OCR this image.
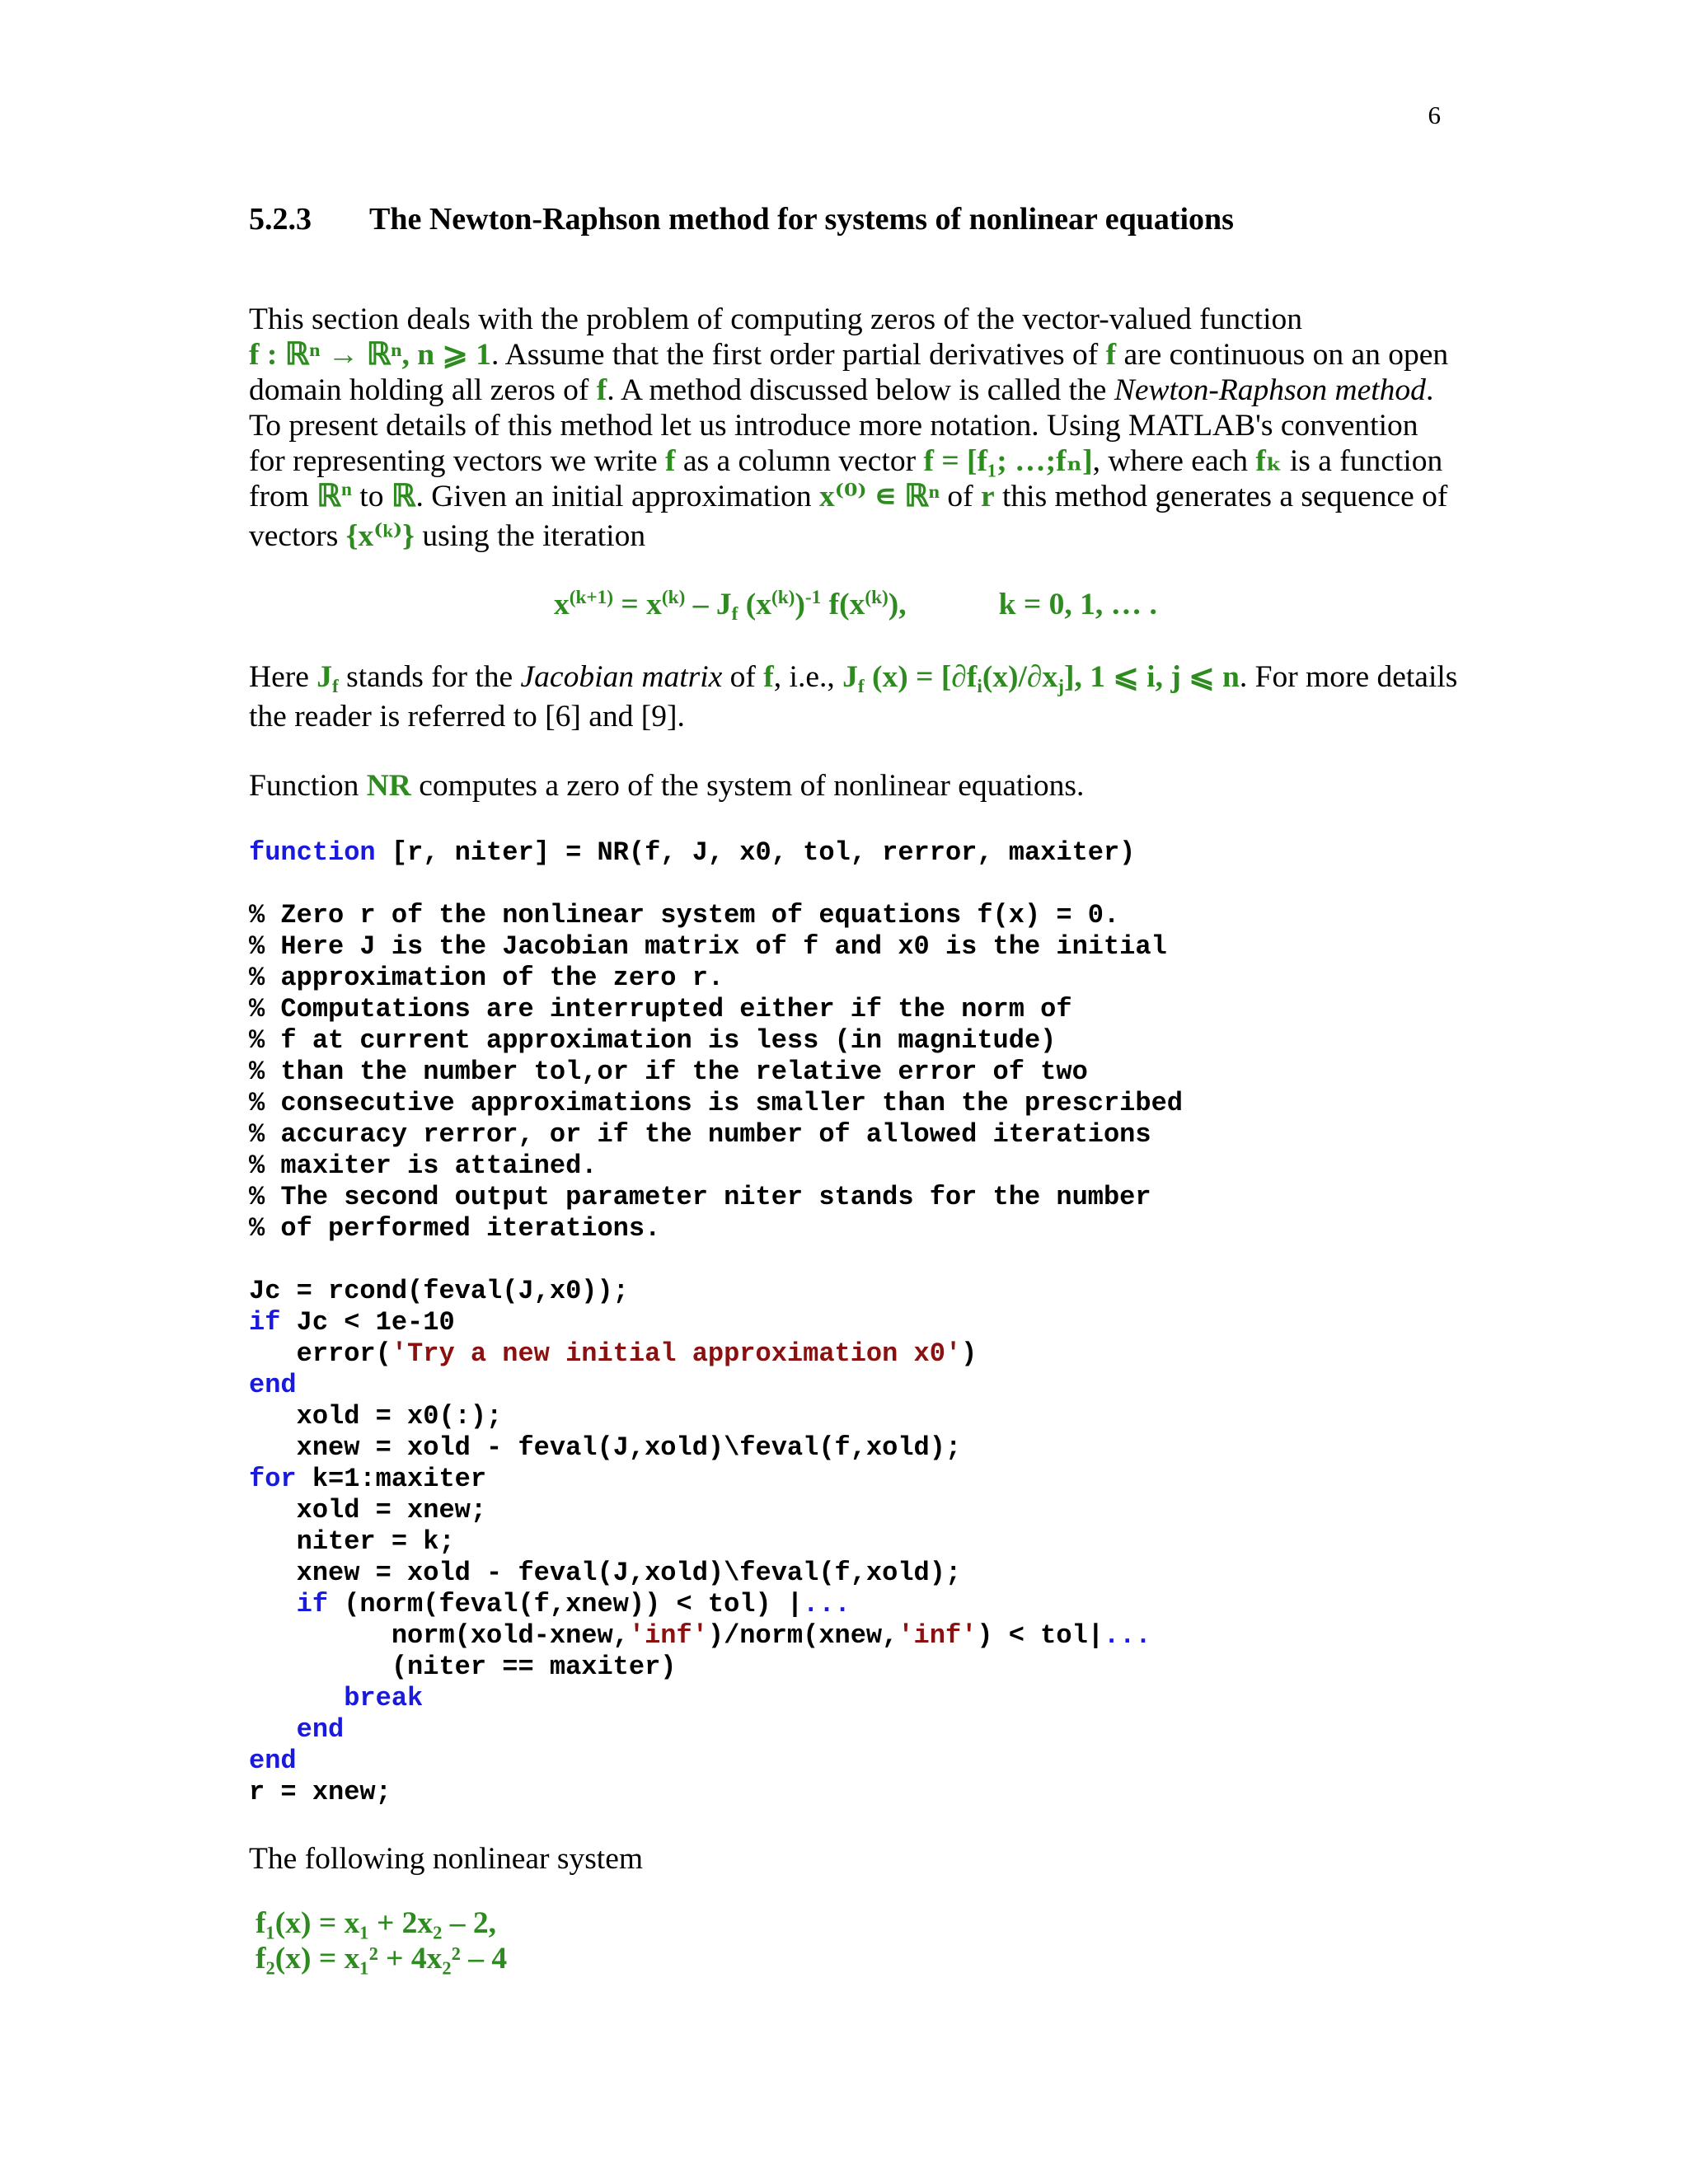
6
5.2.3 The Newton-Raphson method for systems of nonlinear equations
This section deals with the problem of computing zeros of the vector-valued function
f : ℝⁿ → ℝⁿ, n ⩾ 1. Assume that the first order partial derivatives of f are continuous on an open
domain holding all zeros of f. A method discussed below is called the Newton-Raphson method.
To present details of this method let us introduce more notation. Using MATLAB's convention
for representing vectors we write f as a column vector f = [f₁; …;fₙ], where each fₖ is a function
from ℝ$^n$ to ℝ. Given an initial approximation x⁽⁰⁾ ∊ ℝⁿ of r this method generates a sequence of
vectors {x⁽ᵏ⁾} using the iteration
$x^{(k+1)} = x^{(k)} - J_f$ $(x^{(k)})^{-1}$ $f(x^{(k)})$,	k = 0, 1, … .
Here $J_f$ stands for the Jacobian matrix of f, i.e., $J_f$ $(x) = [\partial f_i(x)/\partial x_j]$, 1 ⩽ i, j ⩽ n. For more details
the reader is referred to [6] and [9].
Function NR computes a zero of the system of nonlinear equations.
function [r, niter] = NR(f, J, x0, tol, rerror, maxiter)
% Zero r of the nonlinear system of equations f(x) = 0.
% Here J is the Jacobian matrix of f and x0 is the initial
% approximation of the zero r.
% Computations are interrupted either if the norm of
% f at current approximation is less (in magnitude)
% than the number tol,or if the relative error of two
% consecutive approximations is smaller than the prescribed
% accuracy rerror, or if the number of allowed iterations
% maxiter is attained.
% The second output parameter niter stands for the number
% of performed iterations.
Jc = rcond(feval(J,x0));
if Jc < 1e-10
error('Try a new initial approximation x0')
end
xold = x0(:);
xnew = xold - feval(J,xold)\feval(f,xold);
for k=1:maxiter
xold = xnew;
niter = k;
xnew = xold - feval(J,xold)\feval(f,xold);
if (norm(feval(f,xnew)) < tol) |...
norm(xold-xnew,'inf')/norm(xnew,'inf') < tol|...
(niter == maxiter)
break
end
end
r = xnew;
The following nonlinear system
f₁(x) = x₁ + 2x₂ – 2,
f₂(x) = x₁² + 4x₂² – 4
